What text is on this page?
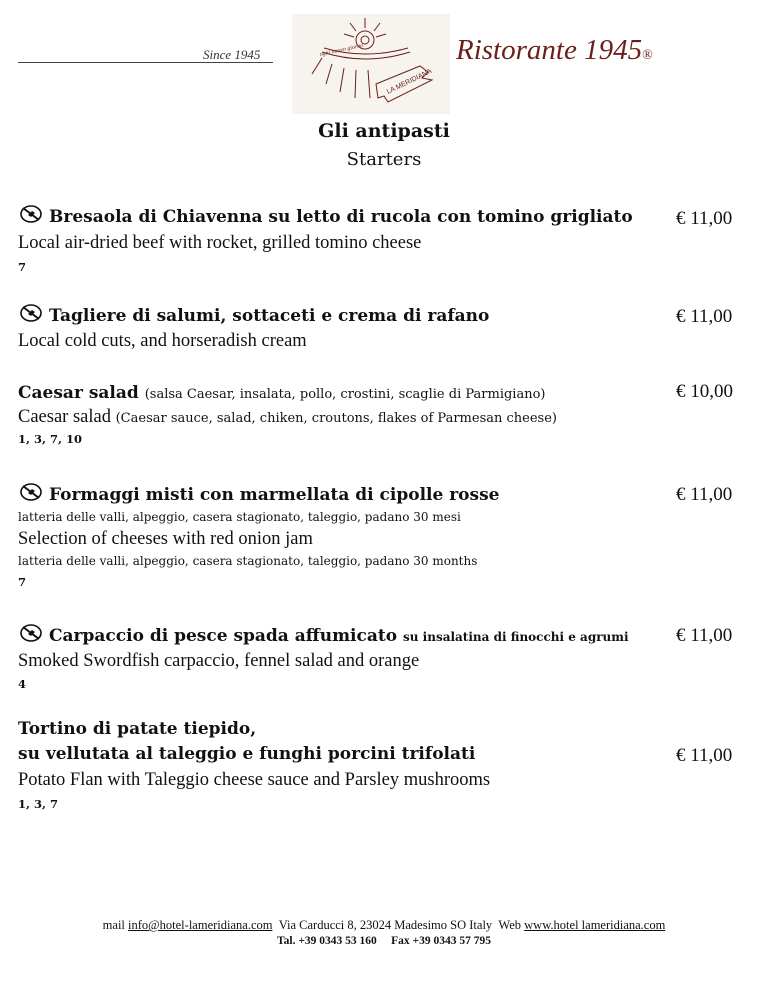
Since 1945	ogni nuovo giorno
LA MERIDIANA
Ristorante 1945®
Gli antipasti
Starters
Bresaola di Chiavenna su letto di rucola con tomino grigliato
Local air-dried beef with rocket, grilled tomino cheese
7
€ 11,00
Tagliere di salumi, sottaceti e crema di rafano
Local cold cuts, and horseradish cream
€ 11,00
Caesar salad (salsa Caesar, insalata, pollo, crostini, scaglie di Parmigiano)
Caesar salad (Caesar sauce, salad, chiken, croutons, flakes of Parmesan cheese)
1, 3, 7, 10
€ 10,00
Formaggi misti con marmellata di cipolle rosse
latteria delle valli, alpeggio, casera stagionato, taleggio, padano 30 mesi
Selection of cheeses with red onion jam
latteria delle valli, alpeggio, casera stagionato, taleggio, padano 30 months
7
€ 11,00
Carpaccio di pesce spada affumicato su insalatina di finocchi e agrumi
Smoked Swordfish carpaccio, fennel salad and orange
4
€ 11,00
Tortino di patate tiepido,
su vellutata al taleggio e funghi porcini trifolati
Potato Flan with Taleggio cheese sauce and Parsley mushrooms
1, 3, 7
€ 11,00
mail info@hotel-lameridiana.com Via Carducci 8, 23024 Madesimo SO Italy Web www.hotel lameridiana.com
Tal. +39 0343 53 160 Fax +39 0343 57 795
